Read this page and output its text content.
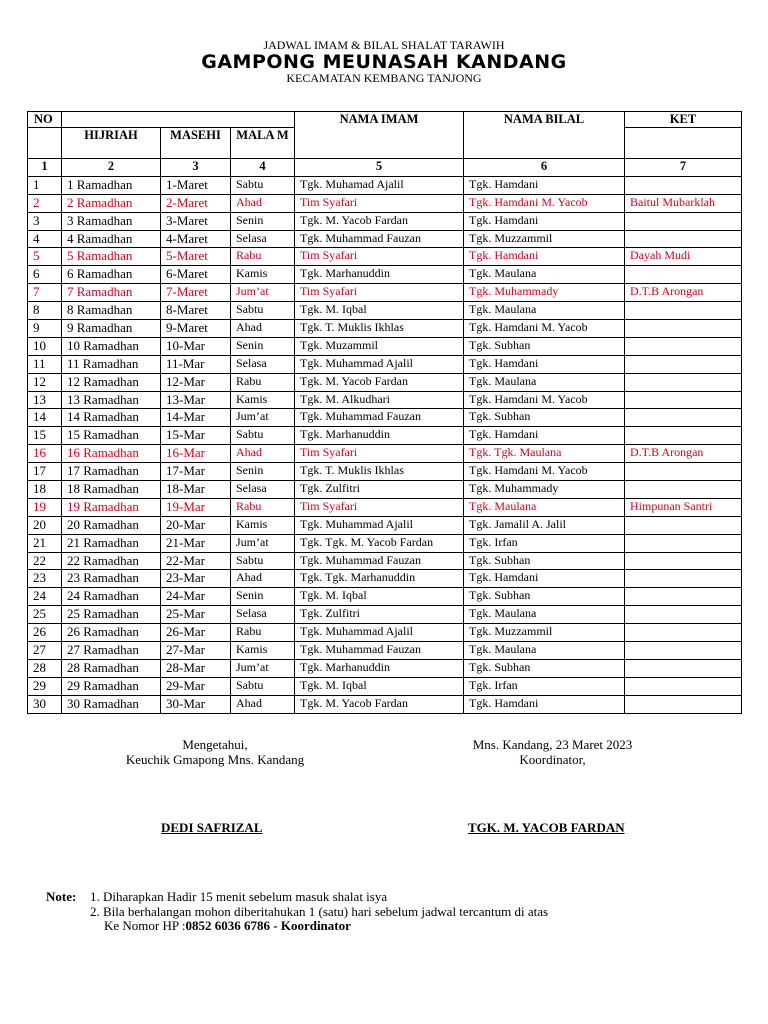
JADWAL IMAM & BILAL SHALAT TARAWIH
GAMPONG MEUNASAH KANDANG
KECAMATAN KEMBANG TANJONG
NO				NAMA IMAM	NAMA BILAL	KET
	HIJRIAH	MASEHI	MALA M			
1	2	3	4	5	6	7
1	1 Ramadhan	1-Maret	Sabtu	Tgk. Muhamad Ajalil	Tgk. Hamdani	
2	2 Ramadhan	2-Maret	Ahad	Tim Syafari	Tgk. Hamdani M. Yacob	Baitul Mubarklah
3	3 Ramadhan	3-Maret	Senin	Tgk. M. Yacob Fardan	Tgk. Hamdani	
4	4 Ramadhan	4-Maret	Selasa	Tgk. Muhammad Fauzan	Tgk. Muzzammil	
5	5 Ramadhan	5-Maret	Rabu	Tim Syafari	Tgk. Hamdani	Dayah Mudi
6	6 Ramadhan	6-Maret	Kamis	Tgk. Marhanuddin	Tgk. Maulana	
7	7 Ramadhan	7-Maret	Jum’at	Tim Syafari	Tgk. Muhammady	D.T.B Arongan
8	8 Ramadhan	8-Maret	Sabtu	Tgk. M. Iqbal	Tgk. Maulana	
9	9 Ramadhan	9-Maret	Ahad	Tgk. T. Muklis Ikhlas	Tgk. Hamdani M. Yacob	
10	10 Ramadhan	10-Mar	Senin	Tgk. Muzammil	Tgk. Subhan	
11	11 Ramadhan	11-Mar	Selasa	Tgk. Muhammad Ajalil	Tgk. Hamdani	
12	12 Ramadhan	12-Mar	Rabu	Tgk. M. Yacob Fardan	Tgk. Maulana	
13	13 Ramadhan	13-Mar	Kamis	Tgk. M. Alkudhari	Tgk. Hamdani M. Yacob	
14	14 Ramadhan	14-Mar	Jum’at	Tgk. Muhammad Fauzan	Tgk. Subhan	
15	15 Ramadhan	15-Mar	Sabtu	Tgk. Marhanuddin	Tgk. Hamdani	
16	16 Ramadhan	16-Mar	Ahad	Tim Syafari	Tgk. Tgk. Maulana	D.T.B Arongan
17	17 Ramadhan	17-Mar	Senin	Tgk. T. Muklis Ikhlas	Tgk. Hamdani M. Yacob	
18	18 Ramadhan	18-Mar	Selasa	Tgk. Zulfitri	Tgk. Muhammady	
19	19 Ramadhan	19-Mar	Rabu	Tim Syafari	Tgk. Maulana	Himpunan Santri
20	20 Ramadhan	20-Mar	Kamis	Tgk. Muhammad Ajalil	Tgk. Jamalil A. Jalil	
21	21 Ramadhan	21-Mar	Jum’at	Tgk. Tgk. M. Yacob Fardan	Tgk. Irfan	
22	22 Ramadhan	22-Mar	Sabtu	Tgk. Muhammad Fauzan	Tgk. Subhan	
23	23 Ramadhan	23-Mar	Ahad	Tgk. Tgk. Marhanuddin	Tgk. Hamdani	
24	24 Ramadhan	24-Mar	Senin	Tgk. M. Iqbal	Tgk. Subhan	
25	25 Ramadhan	25-Mar	Selasa	Tgk. Zulfitri	Tgk. Maulana	
26	26 Ramadhan	26-Mar	Rabu	Tgk. Muhammad Ajalil	Tgk. Muzzammil	
27	27 Ramadhan	27-Mar	Kamis	Tgk. Muhammad Fauzan	Tgk. Maulana	
28	28 Ramadhan	28-Mar	Jum’at	Tgk. Marhanuddin	Tgk. Subhan	
29	29 Ramadhan	29-Mar	Sabtu	Tgk. M. Iqbal	Tgk. Irfan	
30	30 Ramadhan	30-Mar	Ahad	Tgk. M. Yacob Fardan	Tgk. Hamdani	
Mengetahui,
Keuchik Gmapong Mns. Kandang
Mns. Kandang, 23 Maret 2023
Koordinator,
DEDI SAFRIZAL	TGK. M. YACOB FARDAN
Note: 1. Diharapkan Hadir 15 menit sebelum masuk shalat isya
2. Bila berhalangan mohon diberitahukan 1 (satu) hari sebelum jadwal tercantum di atas
Ke Nomor HP :0852 6036 6786 - Koordinator
